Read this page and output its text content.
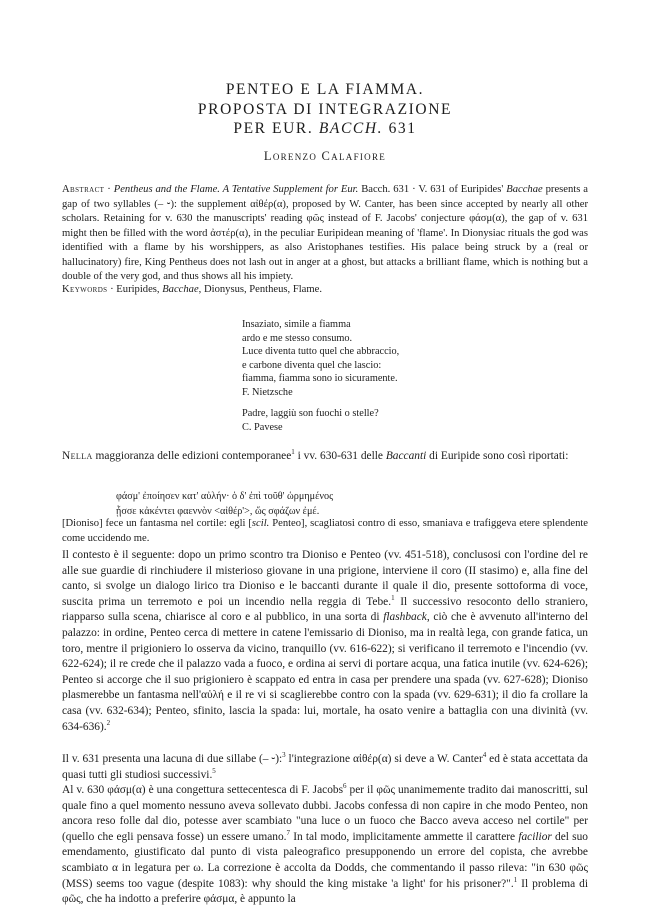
PENTEO E LA FIAMMA.
PROPOSTA DI INTEGRAZIONE
PER EUR. BACCH. 631
Lorenzo Calafiore
Abstract · Pentheus and the Flame. A Tentative Supplement for Eur. Bacch. 631 · V. 631 of Euripides' Bacchae presents a gap of two syllables (– ⏑): the supplement αἰθέρ(α), proposed by W. Canter, has been since accepted by nearly all other scholars. Retaining for v. 630 the manuscripts' reading φῶς instead of F. Jacobs' conjecture φάσμ(α), the gap of v. 631 might then be filled with the word ἀστέρ(α), in the peculiar Euripidean meaning of 'flame'. In Dionysiac rituals the god was identified with a flame by his worshippers, as also Aristophanes testifies. His palace being struck by a (real or hallucinatory) fire, King Pentheus does not lash out in anger at a ghost, but attacks a brilliant flame, which is nothing but a double of the very god, and thus shows all his impiety.
Keywords · Euripides, Bacchae, Dionysus, Pentheus, Flame.
Insaziato, simile a fiamma
ardo e me stesso consumo.
Luce diventa tutto quel che abbraccio,
e carbone diventa quel che lascio:
fiamma, fiamma sono io sicuramente.
F. Nietzsche
Padre, laggiù son fuochi o stelle?
C. Pavese
Nella maggioranza delle edizioni contemporanee$^1$ i vv. 630-631 delle Baccanti di Euripide sono così riportati:
φάσμ' ἐποίησεν κατ' αὐλήν· ὁ δ' ἐπὶ τοῦθ' ὡρμημένος
ᾖσσε κἀκέντει φαεννὸν <αἰθέρ'>, ὥς σφάζων ἐμέ.
[Dioniso] fece un fantasma nel cortile: egli [scil. Penteo], scagliatosi contro di esso, smaniava e trafiggeva etere splendente come uccidendo me.
Il contesto è il seguente: dopo un primo scontro tra Dioniso e Penteo (vv. 451-518), conclusosi con l'ordine del re alle sue guardie di rinchiudere il misterioso giovane in una prigione, interviene il coro (II stasimo) e, alla fine del canto, si svolge un dialogo lirico tra Dioniso e le baccanti durante il quale il dio, presente sottoforma di voce, suscita prima un terremoto e poi un incendio nella reggia di Tebe.$^1$ Il successivo resoconto dello straniero, riapparso sulla scena, chiarisce al coro e al pubblico, in una sorta di flashback, ciò che è avvenuto all'interno del palazzo: in ordine, Penteo cerca di mettere in catene l'emissario di Dioniso, ma in realtà lega, con grande fatica, un toro, mentre il prigioniero lo osserva da vicino, tranquillo (vv. 616-622); si verificano il terremoto e l'incendio (vv. 622-624); il re crede che il palazzo vada a fuoco, e ordina ai servi di portare acqua, una fatica inutile (vv. 624-626); Penteo si accorge che il suo prigioniero è scappato ed entra in casa per prendere una spada (vv. 627-628); Dioniso plasmerebbe un fantasma nell'αὐλή e il re vi si scaglierebbe contro con la spada (vv. 629-631); il dio fa crollare la casa (vv. 632-634); Penteo, sfinito, lascia la spada: lui, mortale, ha osato venire a battaglia con una divinità (vv. 634-636).$^2$
Il v. 631 presenta una lacuna di due sillabe (– ⏑):$^3$ l'integrazione αἰθέρ(α) si deve a W. Canter$^4$ ed è stata accettata da quasi tutti gli studiosi successivi.$^5$
Al v. 630 φάσμ(α) è una congettura settecentesca di F. Jacobs$^6$ per il φῶς unanimemente tradito dai manoscritti, sul quale fino a quel momento nessuno aveva sollevato dubbi. Jacobs confessa di non capire in che modo Penteo, non ancora reso folle dal dio, potesse aver scambiato "una luce o un fuoco che Bacco aveva acceso nel cortile" per (quello che egli pensava fosse) un essere umano.$^7$ In tal modo, implicitamente ammette il carattere facilior del suo emendamento, giustificato dal punto di vista paleografico presupponendo un errore del copista, che avrebbe scambiato α in legatura per ω. La correzione è accolta da Dodds, che commentando il passo rileva: "in 630 φῶς (MSS) seems too vague (despite 1083): why should the king mistake 'a light' for his prisoner?".$^1$ Il problema di φῶς, che ha indotto a preferire φάσμα, è appunto la
